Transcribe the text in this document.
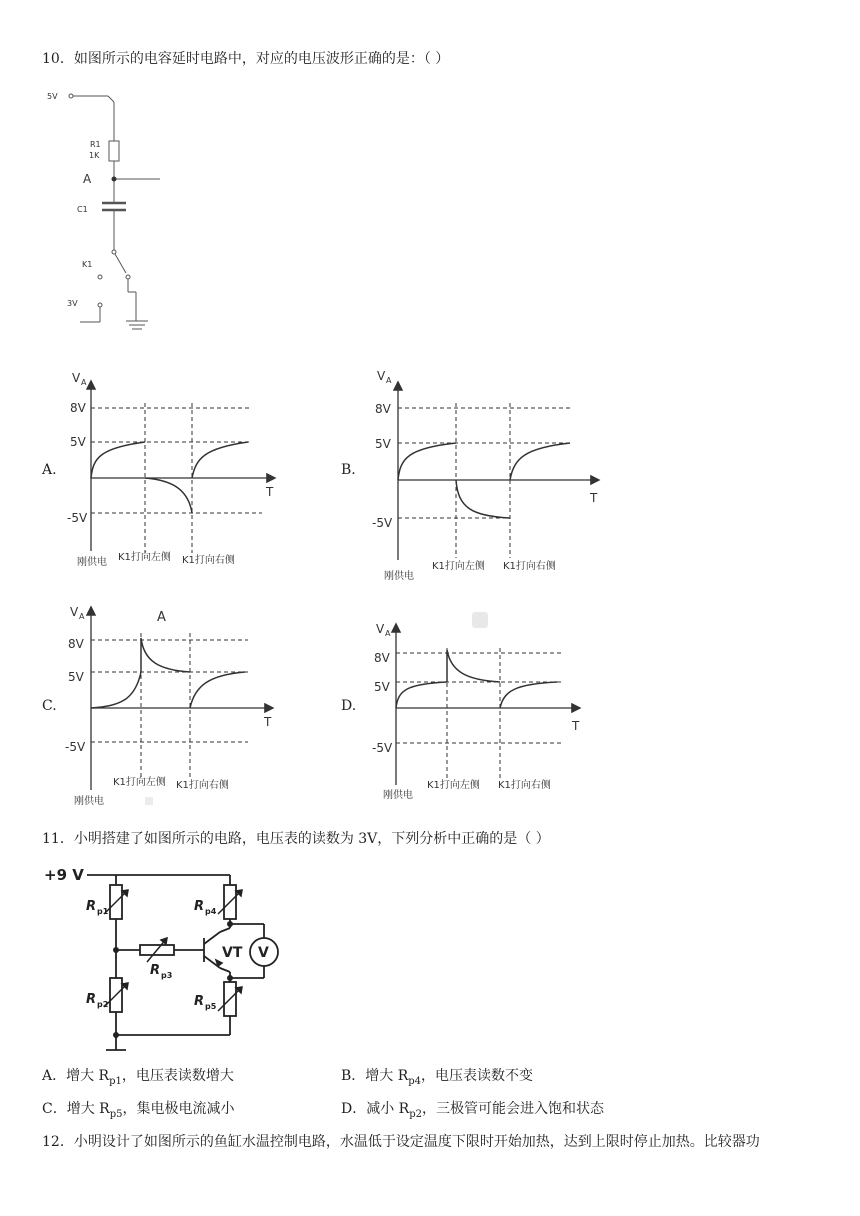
10．如图所示的电容延时电路中，对应的电压波形正确的是：（ ）
5V
R1
1K
A
C1
K1
3V
A.
V A
8V
5V
-5V
T
刚供电 K1打向左侧 K1打向右侧
B.
V A
8V
5V
-5V
T
刚供电
K1打向左侧 K1打向右侧
C.
V A	A
8V
5V
-5V
T
刚供电
K1打向左侧 K1打向右侧
D.
V A
8V
5V
-5V
T
刚供电
K1打向左侧 K1打向右侧
11．小明搭建了如图所示的电路，电压表的读数为 3V，下列分析中正确的是（ ）
+9 V
R p1
R p2
R p3
R p4
R p5
VT V
A．增大 $R_{p1}$，电压表读数增大	B．增大 $R_{p4}$，电压表读数不变
C．增大 $R_{p5}$，集电极电流减小	D．减小 $R_{p2}$，三极管可能会进入饱和状态
12．小明设计了如图所示的鱼缸水温控制电路，水温低于设定温度下限时开始加热，达到上限时停止加热。比较器功
